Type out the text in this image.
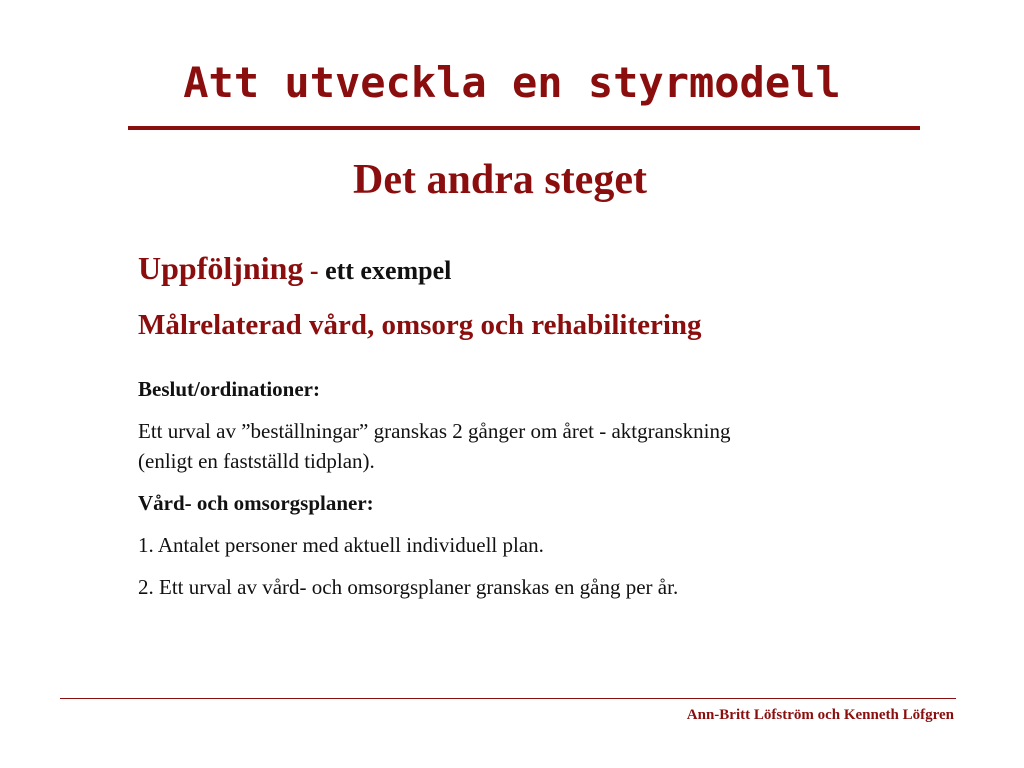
Att utveckla en styrmodell
Det andra steget
Uppföljning - ett exempel
Målrelaterad vård, omsorg och rehabilitering

Beslut/ordinationer:

Ett urval av ”beställningar” granskas 2 gånger om året - aktgranskning
(enligt en fastställd tidplan).

Vård- och omsorgsplaner:

1. Antalet personer med aktuell individuell plan.

2. Ett urval av vård- och omsorgsplaner granskas en gång per år.

Ann-Britt Löfström och Kenneth Löfgren
